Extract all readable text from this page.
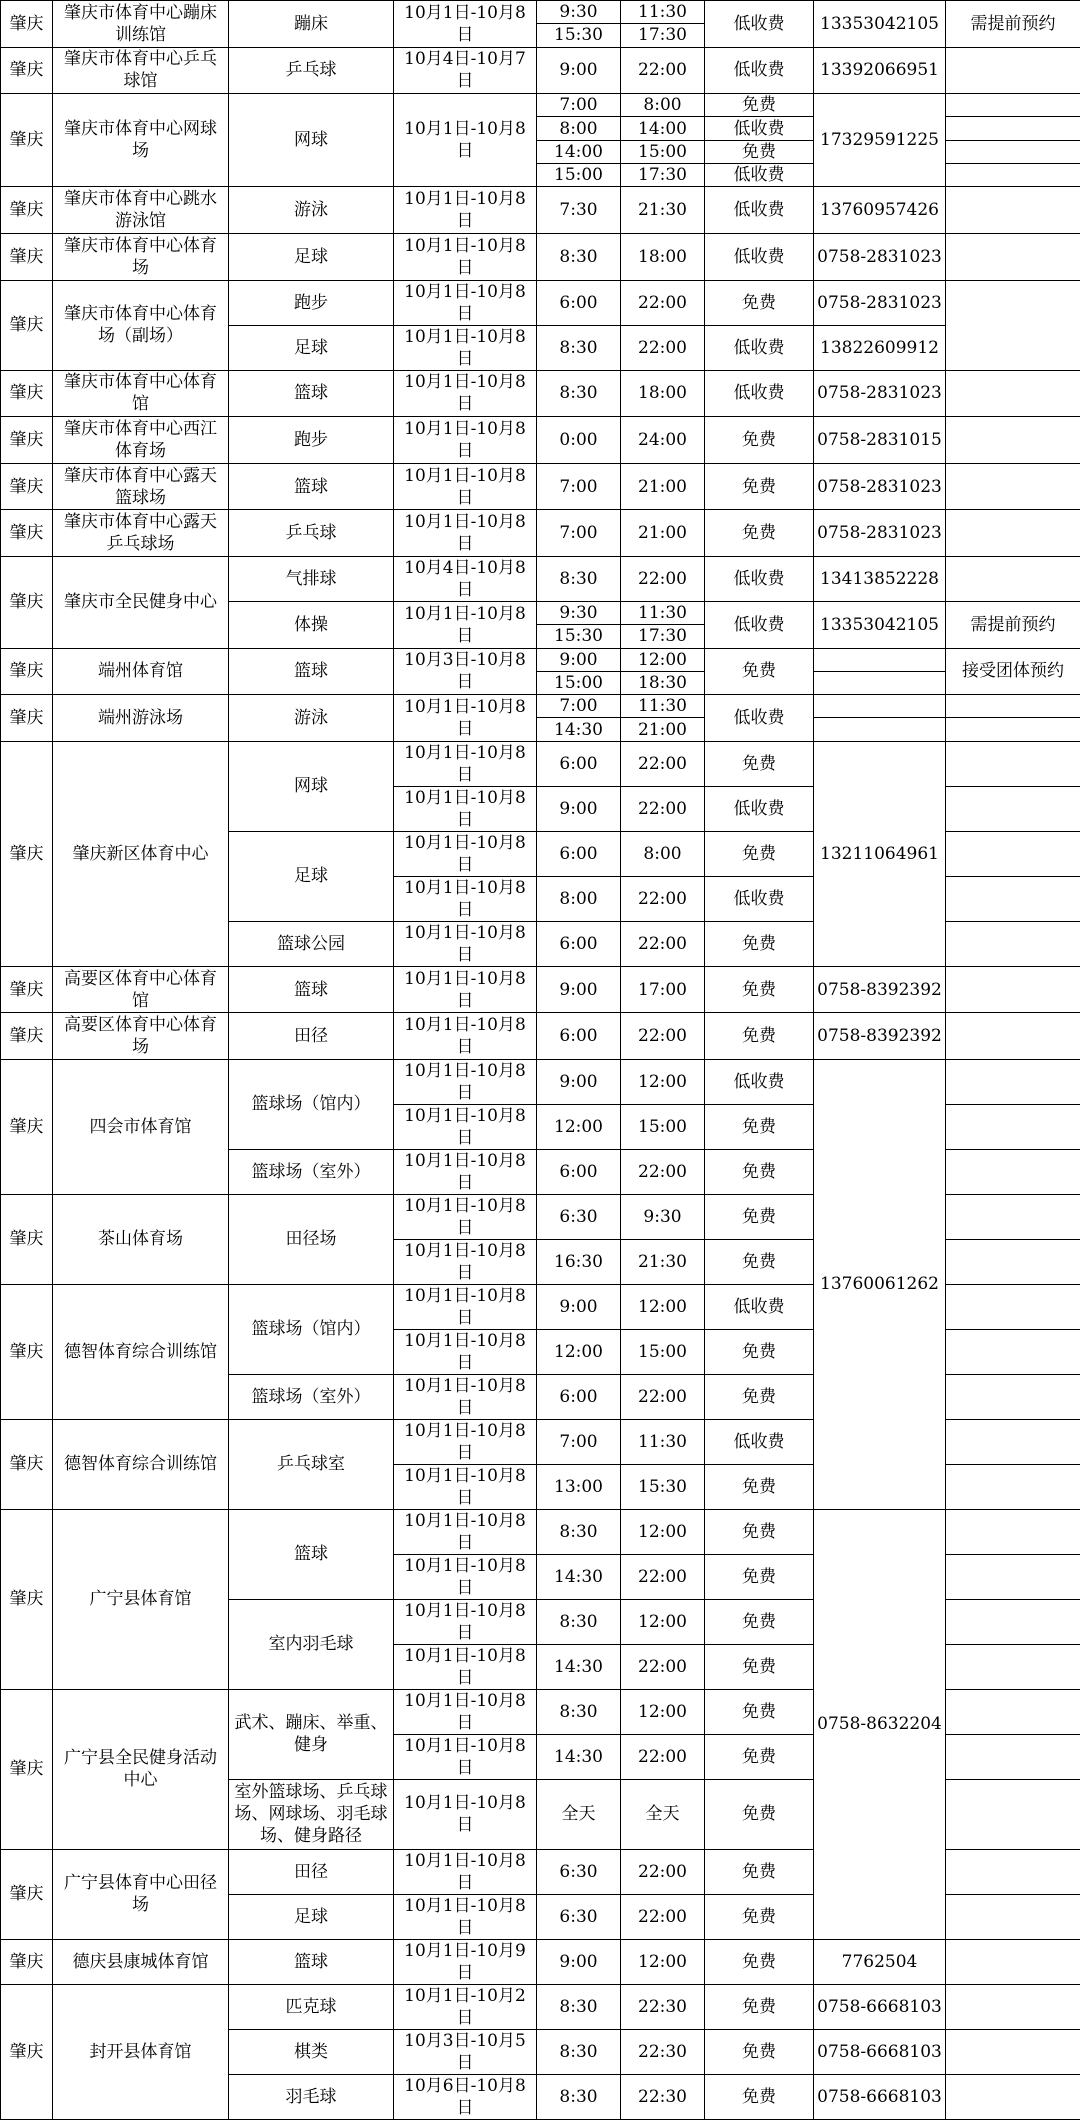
肇庆	肇庆市体育中心蹦床训练馆	蹦床	10月1日-10月8日	9:30	11:30	低收费	13353042105	需提前预约
				15:30	17:30			
肇庆	肇庆市体育中心乒乓球馆	乒乓球	10月4日-10月7日	9:00	22:00	低收费	13392066951	

肇庆	肇庆市体育中心网球场	网球	10月1日-10月8日	7:00	8:00	免费	17329591225	
				8:00	14:00	低收费		
				14:00	15:00	免费		
				15:00	17:30	低收费		
肇庆	肇庆市体育中心跳水游泳馆	游泳	10月1日-10月8日	7:30	21:30	低收费	13760957426	

肇庆	肇庆市体育中心体育场	足球	10月1日-10月8日	8:30	18:00	低收费	0758-2831023	

肇庆	肇庆市体育中心体育场（副场）	跑步	10月1日-10月8日	6:00	22:00	免费	0758-2831023	
		足球	10月1日-10月8日	8:30	22:00	低收费	13822609912	
肇庆	肇庆市体育中心体育馆	篮球	10月1日-10月8日	8:30	18:00	低收费	0758-2831023	

肇庆	肇庆市体育中心西江体育场	跑步	10月1日-10月8日	0:00	24:00	免费	0758-2831015	

肇庆	肇庆市体育中心露天篮球场	篮球	10月1日-10月8日	7:00	21:00	免费	0758-2831023	

肇庆	肇庆市体育中心露天乒乓球场	乒乓球	10月1日-10月8日	7:00	21:00	免费	0758-2831023	

肇庆	肇庆市全民健身中心	气排球	10月4日-10月8日	8:30	22:00	低收费	13413852228	
		体操	10月1日-10月8日	9:30	11:30	低收费	13353042105	需提前预约
				15:30	17:30			
肇庆	端州体育馆	篮球	10月3日-10月8日	9:00	12:00	免费		接受团体预约
				15:00	18:30			
肇庆	端州游泳场	游泳	10月1日-10月8日	7:00	11:30	低收费		
				14:30	21:00			
肇庆	肇庆新区体育中心	网球	10月1日-10月8日	6:00	22:00	免费	13211064961	
			10月1日-10月8日	9:00	22:00	低收费		
		足球	10月1日-10月8日	6:00	8:00	免费		
			10月1日-10月8日	8:00	22:00	低收费		
		篮球公园	10月1日-10月8日	6:00	22:00	免费		
肇庆	高要区体育中心体育馆	篮球	10月1日-10月8日	9:00	17:00	免费	0758-8392392	

肇庆	高要区体育中心体育场	田径	10月1日-10月8日	6:00	22:00	免费	0758-8392392	

肇庆	四会市体育馆	篮球场（馆内）	10月1日-10月8日	9:00	12:00	低收费	13760061262	
			10月1日-10月8日	12:00	15:00	免费		
		篮球场（室外）	10月1日-10月8日	6:00	22:00	免费		
肇庆	茶山体育场	田径场	10月1日-10月8日	6:30	9:30	免费		
			10月1日-10月8日	16:30	21:30	免费		
肇庆	德智体育综合训练馆	篮球场（馆内）	10月1日-10月8日	9:00	12:00	低收费		
			10月1日-10月8日	12:00	15:00	免费		
		篮球场（室外）	10月1日-10月8日	6:00	22:00	免费		
肇庆	德智体育综合训练馆	乒乓球室	10月1日-10月8日	7:00	11:30	低收费		
			10月1日-10月8日	13:00	15:30	免费		
肇庆	广宁县体育馆	篮球	10月1日-10月8日	8:30	12:00	免费	0758-8632204	
			10月1日-10月8日	14:30	22:00	免费		
		室内羽毛球	10月1日-10月8日	8:30	12:00	免费		
			10月1日-10月8日	14:30	22:00	免费		
肇庆	广宁县全民健身活动中心	武术、蹦床、举重、健身	10月1日-10月8日	8:30	12:00	免费		
			10月1日-10月8日	14:30	22:00	免费		
		室外篮球场、乒乓球场、网球场、羽毛球场、健身路径	10月1日-10月8日	全天	全天	免费		

肇庆	广宁县体育中心田径场	田径	10月1日-10月8日	6:30	22:00	免费		
		足球	10月1日-10月8日	6:30	22:00	免费		
肇庆	德庆县康城体育馆	篮球	10月1日-10月9日	9:00	12:00	免费	7762504	
肇庆	封开县体育馆	匹克球	10月1日-10月2日	8:30	22:30	免费	0758-6668103	
		棋类	10月3日-10月5日	8:30	22:30	免费	0758-6668103	
		羽毛球	10月6日-10月8日	8:30	22:30	免费	0758-6668103	
